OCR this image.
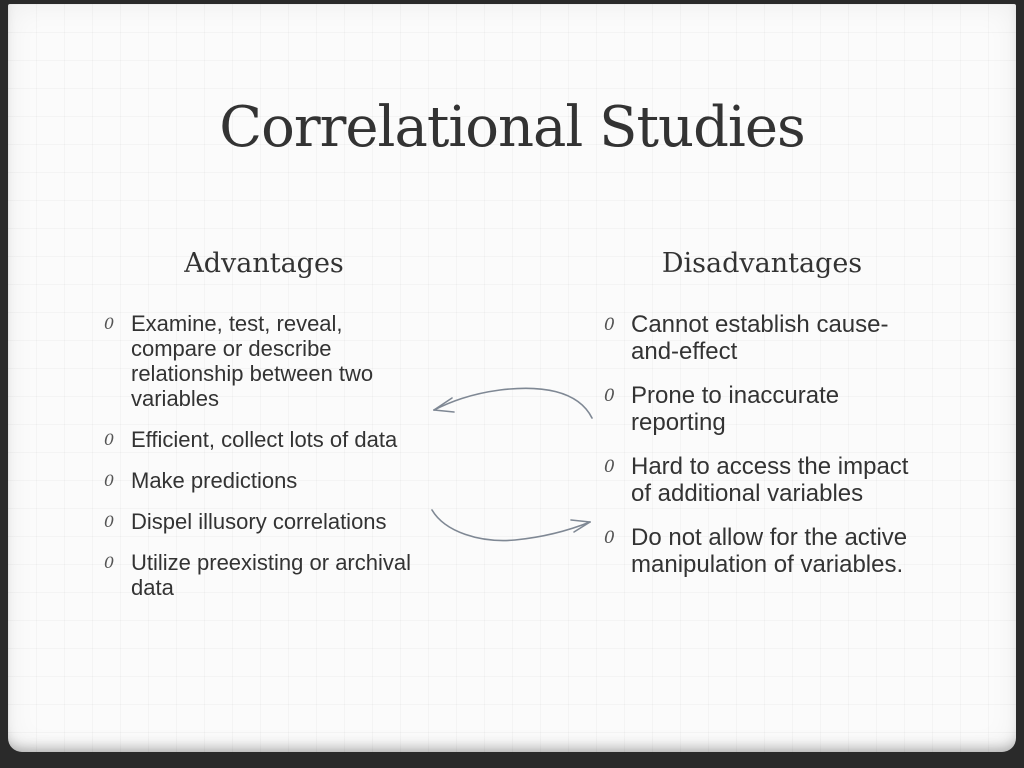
Correlational Studies
Advantages	Disadvantages
0 Examine, test, reveal, compare or describe relationship between two variables
0 Efficient, collect lots of data
0 Make predictions
0 Dispel illusory correlations
0 Utilize preexisting or archival data
0 Cannot establish cause-and-effect
0 Prone to inaccurate reporting
0 Hard to access the impact of additional variables
0 Do not allow for the active manipulation of variables.
